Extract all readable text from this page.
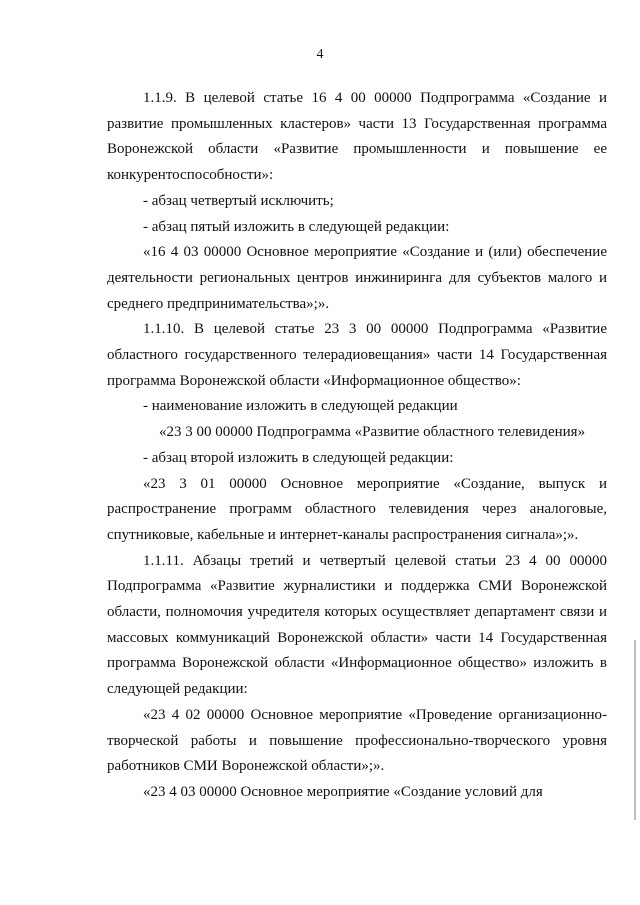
4

1.1.9. В целевой статье 16 4 00 00000 Подпрограмма «Создание и развитие промышленных кластеров» части 13 Государственная программа Воронежской области «Развитие промышленности и повышение ее конкурентоспособности»:

- абзац четвертый исключить;

- абзац пятый изложить в следующей редакции:

«16 4 03 00000 Основное мероприятие «Создание и (или) обеспечение деятельности региональных центров инжиниринга для субъектов малого и среднего предпринимательства»;».

1.1.10. В целевой статье 23 3 00 00000 Подпрограмма «Развитие областного государственного телерадиовещания» части 14 Государственная программа Воронежской области «Информационное общество»:

- наименование изложить в следующей редакции

«23 3 00 00000 Подпрограмма «Развитие областного телевидения»

- абзац второй изложить в следующей редакции:

«23 3 01 00000 Основное мероприятие «Создание, выпуск и распространение программ областного телевидения через аналоговые, спутниковые, кабельные и интернет-каналы распространения сигнала»;».

1.1.11. Абзацы третий и четвертый целевой статьи 23 4 00 00000 Подпрограмма «Развитие журналистики и поддержка СМИ Воронежской области, полномочия учредителя которых осуществляет департамент связи и массовых коммуникаций Воронежской области» части 14 Государственная программа Воронежской области «Информационное общество» изложить в следующей редакции:

«23 4 02 00000 Основное мероприятие «Проведение организационно-творческой работы и повышение профессионально-творческого уровня работников СМИ Воронежской области»;».

«23 4 03 00000 Основное мероприятие «Создание условий для
